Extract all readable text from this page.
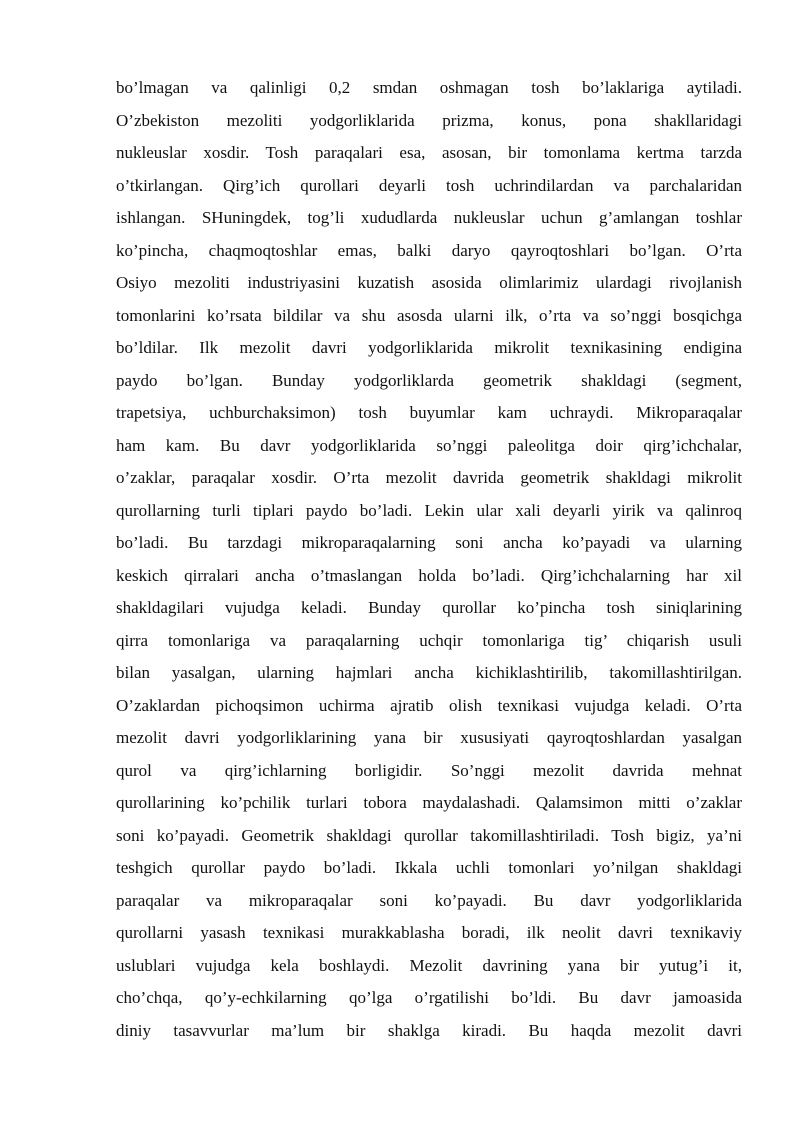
bo’lmagan va qalinligi 0,2 smdan oshmagan tosh bo’laklariga aytiladi.
O’zbekiston mezoliti yodgorliklarida prizma, konus, pona shakllaridagi
nukleuslar xosdir. Tosh paraqalari esa, asosan, bir tomonlama kertma tarzda
o’tkirlangan. Qirg’ich qurollari deyarli tosh uchrindilardan va parchalaridan
ishlangan. SHuningdek, tog’li xududlarda nukleuslar uchun g’amlangan toshlar
ko’pincha, chaqmoqtoshlar emas, balki daryo qayroqtoshlari bo’lgan. O’rta
Osiyo mezoliti industriyasini kuzatish asosida olimlarimiz ulardagi rivojlanish
tomonlarini ko’rsata bildilar va shu asosda ularni ilk, o’rta va so’nggi bosqichga
bo’ldilar. Ilk mezolit davri yodgorliklarida mikrolit texnikasining endigina
paydo bo’lgan. Bunday yodgorliklarda geometrik shakldagi (segment,
trapetsiya, uchburchaksimon) tosh buyumlar kam uchraydi. Mikroparaqalar
ham kam. Bu davr yodgorliklarida so’nggi paleolitga doir qirg’ichchalar,
o’zaklar, paraqalar xosdir. O’rta mezolit davrida geometrik shakldagi mikrolit
qurollarning turli tiplari paydo bo’ladi. Lekin ular xali deyarli yirik va qalinroq
bo’ladi. Bu tarzdagi mikroparaqalarning soni ancha ko’payadi va ularning
keskich qirralari ancha o’tmaslangan holda bo’ladi. Qirg’ichchalarning har xil
shakldagilari vujudga keladi. Bunday qurollar ko’pincha tosh siniqlarining
qirra tomonlariga va paraqalarning uchqir tomonlariga tig’ chiqarish usuli
bilan yasalgan, ularning hajmlari ancha kichiklashtirilib, takomillashtirilgan.
O’zaklardan pichoqsimon uchirma ajratib olish texnikasi vujudga keladi. O’rta
mezolit davri yodgorliklarining yana bir xususiyati qayroqtoshlardan yasalgan
qurol va qirg’ichlarning borligidir. So’nggi mezolit davrida mehnat
qurollarining ko’pchilik turlari tobora maydalashadi. Qalamsimon mitti o’zaklar
soni ko’payadi. Geometrik shakldagi qurollar takomillashtiriladi. Tosh bigiz, ya’ni
teshgich qurollar paydo bo’ladi. Ikkala uchli tomonlari yo’nilgan shakldagi
paraqalar va mikroparaqalar soni ko’payadi. Bu davr yodgorliklarida
qurollarni yasash texnikasi murakkablasha boradi, ilk neolit davri texnikaviy
uslublari vujudga kela boshlaydi. Mezolit davrining yana bir yutug’i it,
cho’chqa, qo’y-echkilarning qo’lga o’rgatilishi bo’ldi. Bu davr jamoasida
diniy tasavvurlar ma’lum bir shaklga kiradi. Bu haqda mezolit davri
